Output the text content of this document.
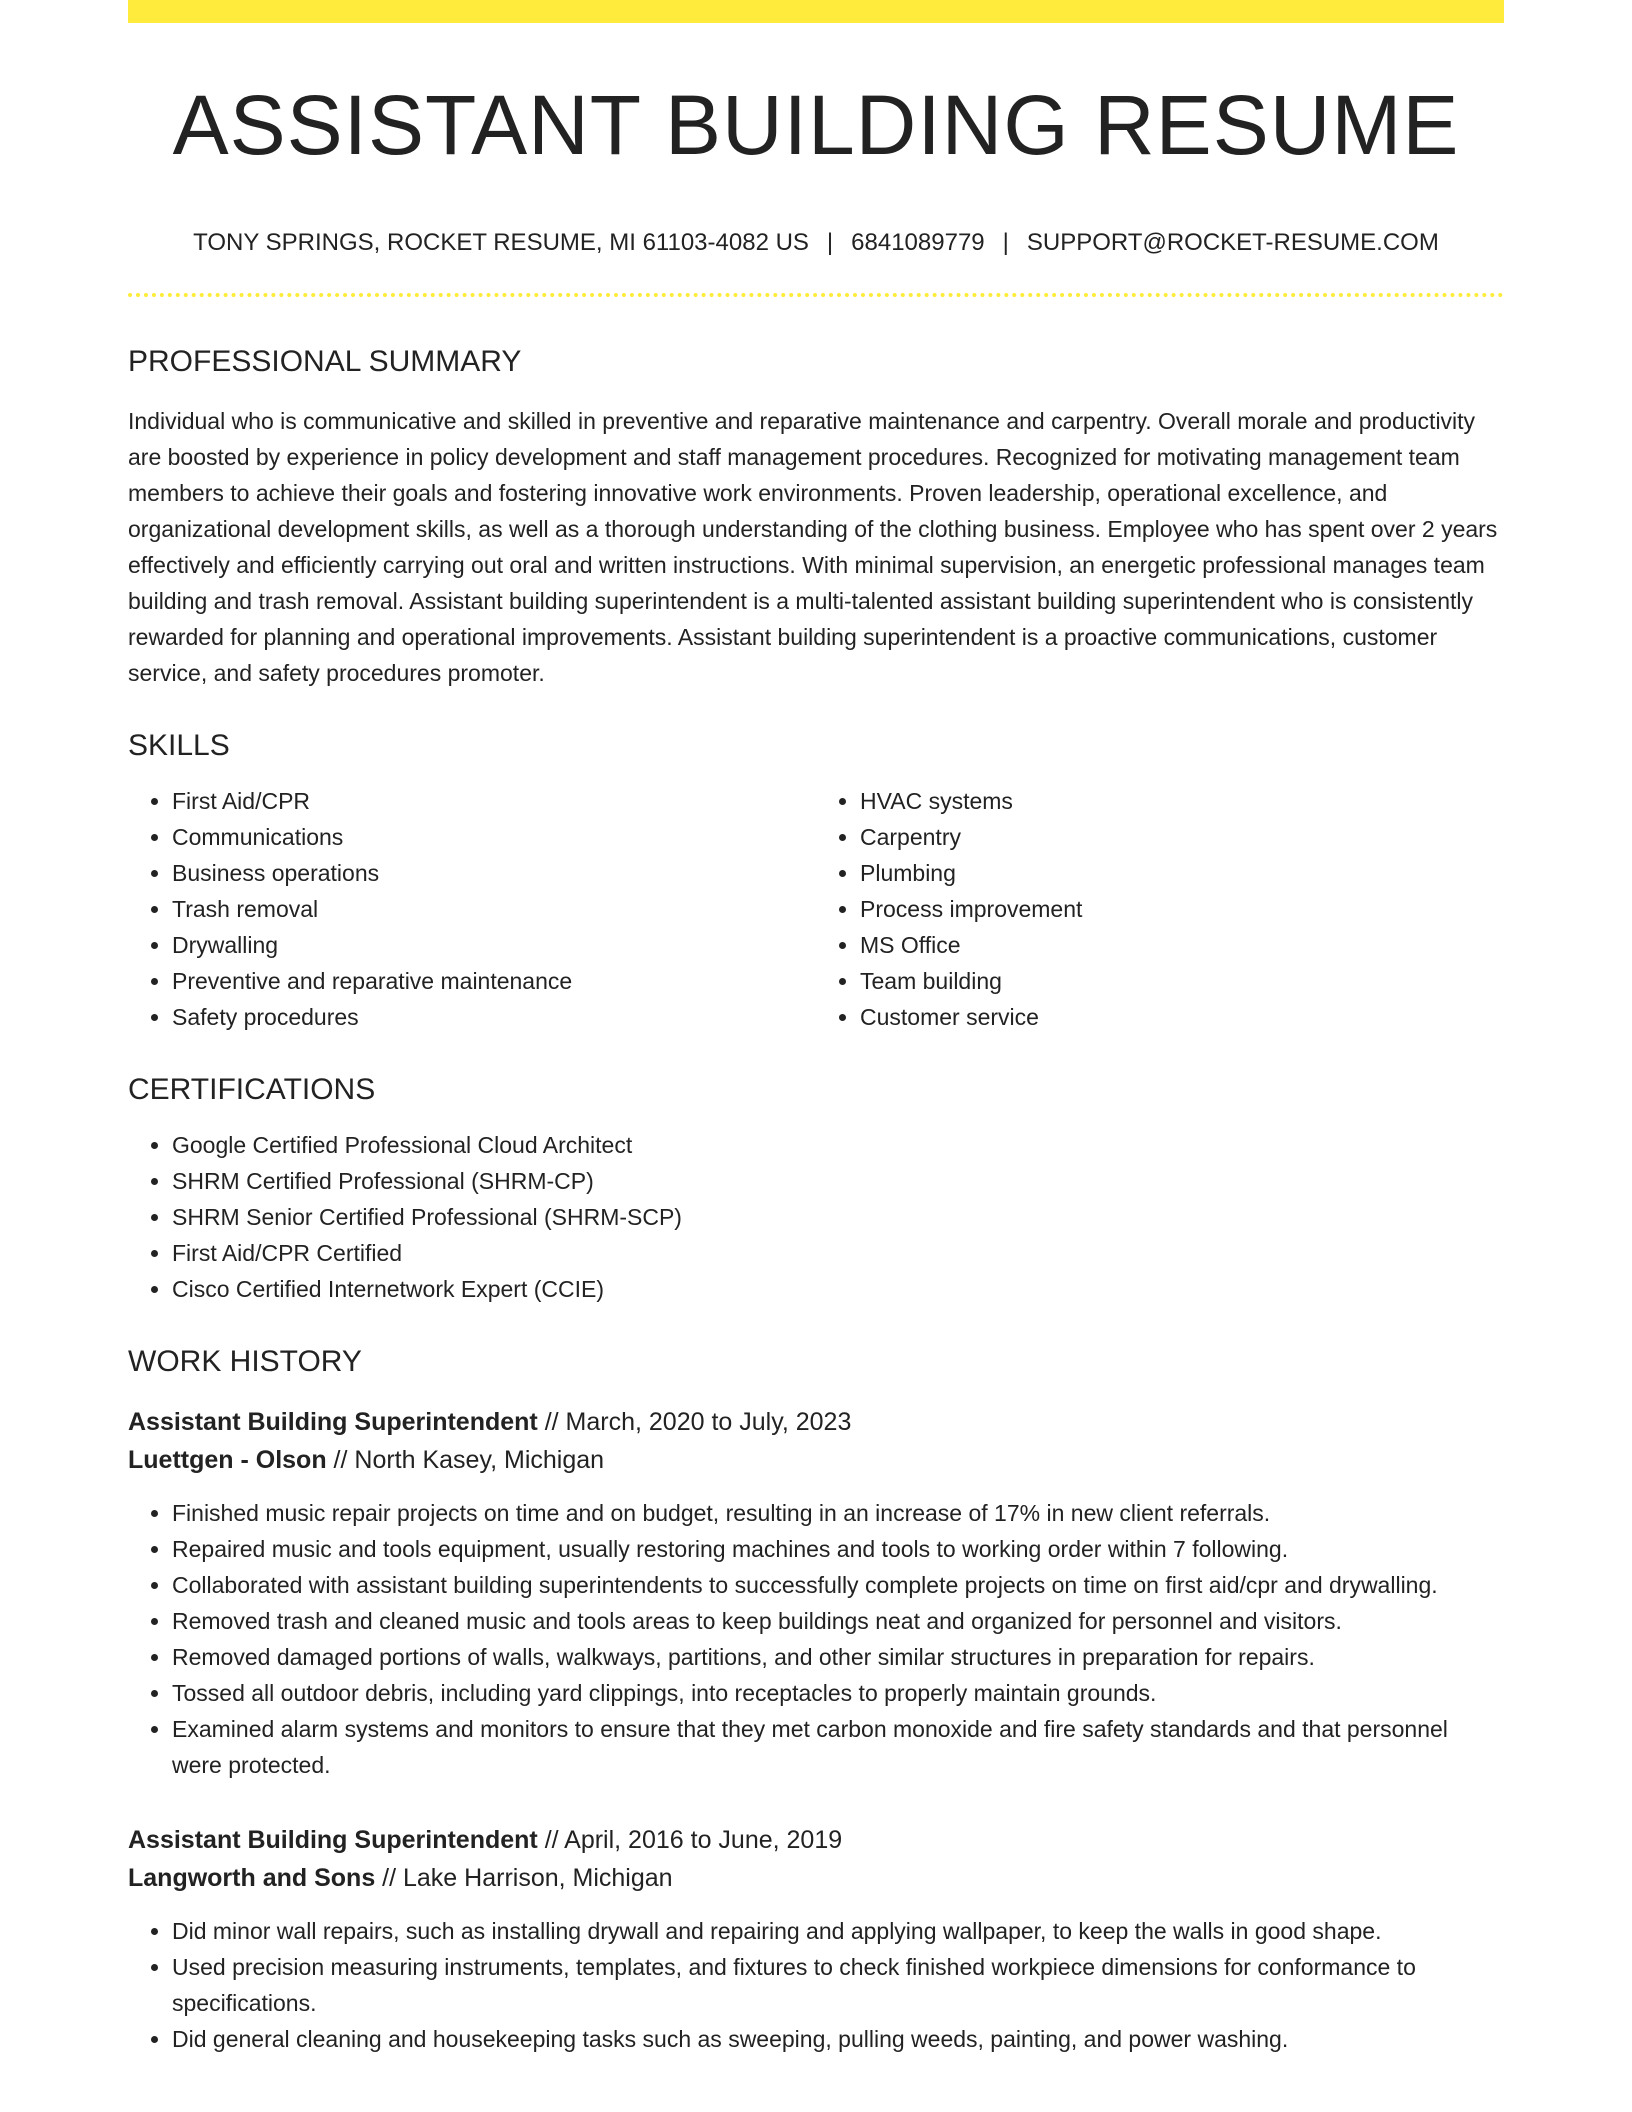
ASSISTANT BUILDING RESUME
TONY SPRINGS, ROCKET RESUME, MI 61103-4082 US | 6841089779 | SUPPORT@ROCKET-RESUME.COM
PROFESSIONAL SUMMARY

Individual who is communicative and skilled in preventive and reparative maintenance and carpentry. Overall morale and productivity are boosted by experience in policy development and staff management procedures. Recognized for motivating management team members to achieve their goals and fostering innovative work environments. Proven leadership, operational excellence, and organizational development skills, as well as a thorough understanding of the clothing business. Employee who has spent over 2 years effectively and efficiently carrying out oral and written instructions. With minimal supervision, an energetic professional manages team building and trash removal. Assistant building superintendent is a multi-talented assistant building superintendent who is consistently rewarded for planning and operational improvements. Assistant building superintendent is a proactive communications, customer service, and safety procedures promoter.

SKILLS
• First Aid/CPR
• Communications
• Business operations
• Trash removal
• Drywalling
• Preventive and reparative maintenance
• Safety procedures
• HVAC systems
• Carpentry
• Plumbing
• Process improvement
• MS Office
• Team building
• Customer service
CERTIFICATIONS
• Google Certified Professional Cloud Architect
• SHRM Certified Professional (SHRM-CP)
• SHRM Senior Certified Professional (SHRM-SCP)
• First Aid/CPR Certified
• Cisco Certified Internetwork Expert (CCIE)
WORK HISTORY
Assistant Building Superintendent // March, 2020 to July, 2023
Luettgen - Olson // North Kasey, Michigan
• Finished music repair projects on time and on budget, resulting in an increase of 17% in new client referrals.
• Repaired music and tools equipment, usually restoring machines and tools to working order within 7 following.
• Collaborated with assistant building superintendents to successfully complete projects on time on first aid/cpr and drywalling.
• Removed trash and cleaned music and tools areas to keep buildings neat and organized for personnel and visitors.
• Removed damaged portions of walls, walkways, partitions, and other similar structures in preparation for repairs.
• Tossed all outdoor debris, including yard clippings, into receptacles to properly maintain grounds.
• Examined alarm systems and monitors to ensure that they met carbon monoxide and fire safety standards and that personnel were protected.
Assistant Building Superintendent // April, 2016 to June, 2019
Langworth and Sons // Lake Harrison, Michigan
• Did minor wall repairs, such as installing drywall and repairing and applying wallpaper, to keep the walls in good shape.
• Used precision measuring instruments, templates, and fixtures to check finished workpiece dimensions for conformance to specifications.
• Did general cleaning and housekeeping tasks such as sweeping, pulling weeds, painting, and power washing.
